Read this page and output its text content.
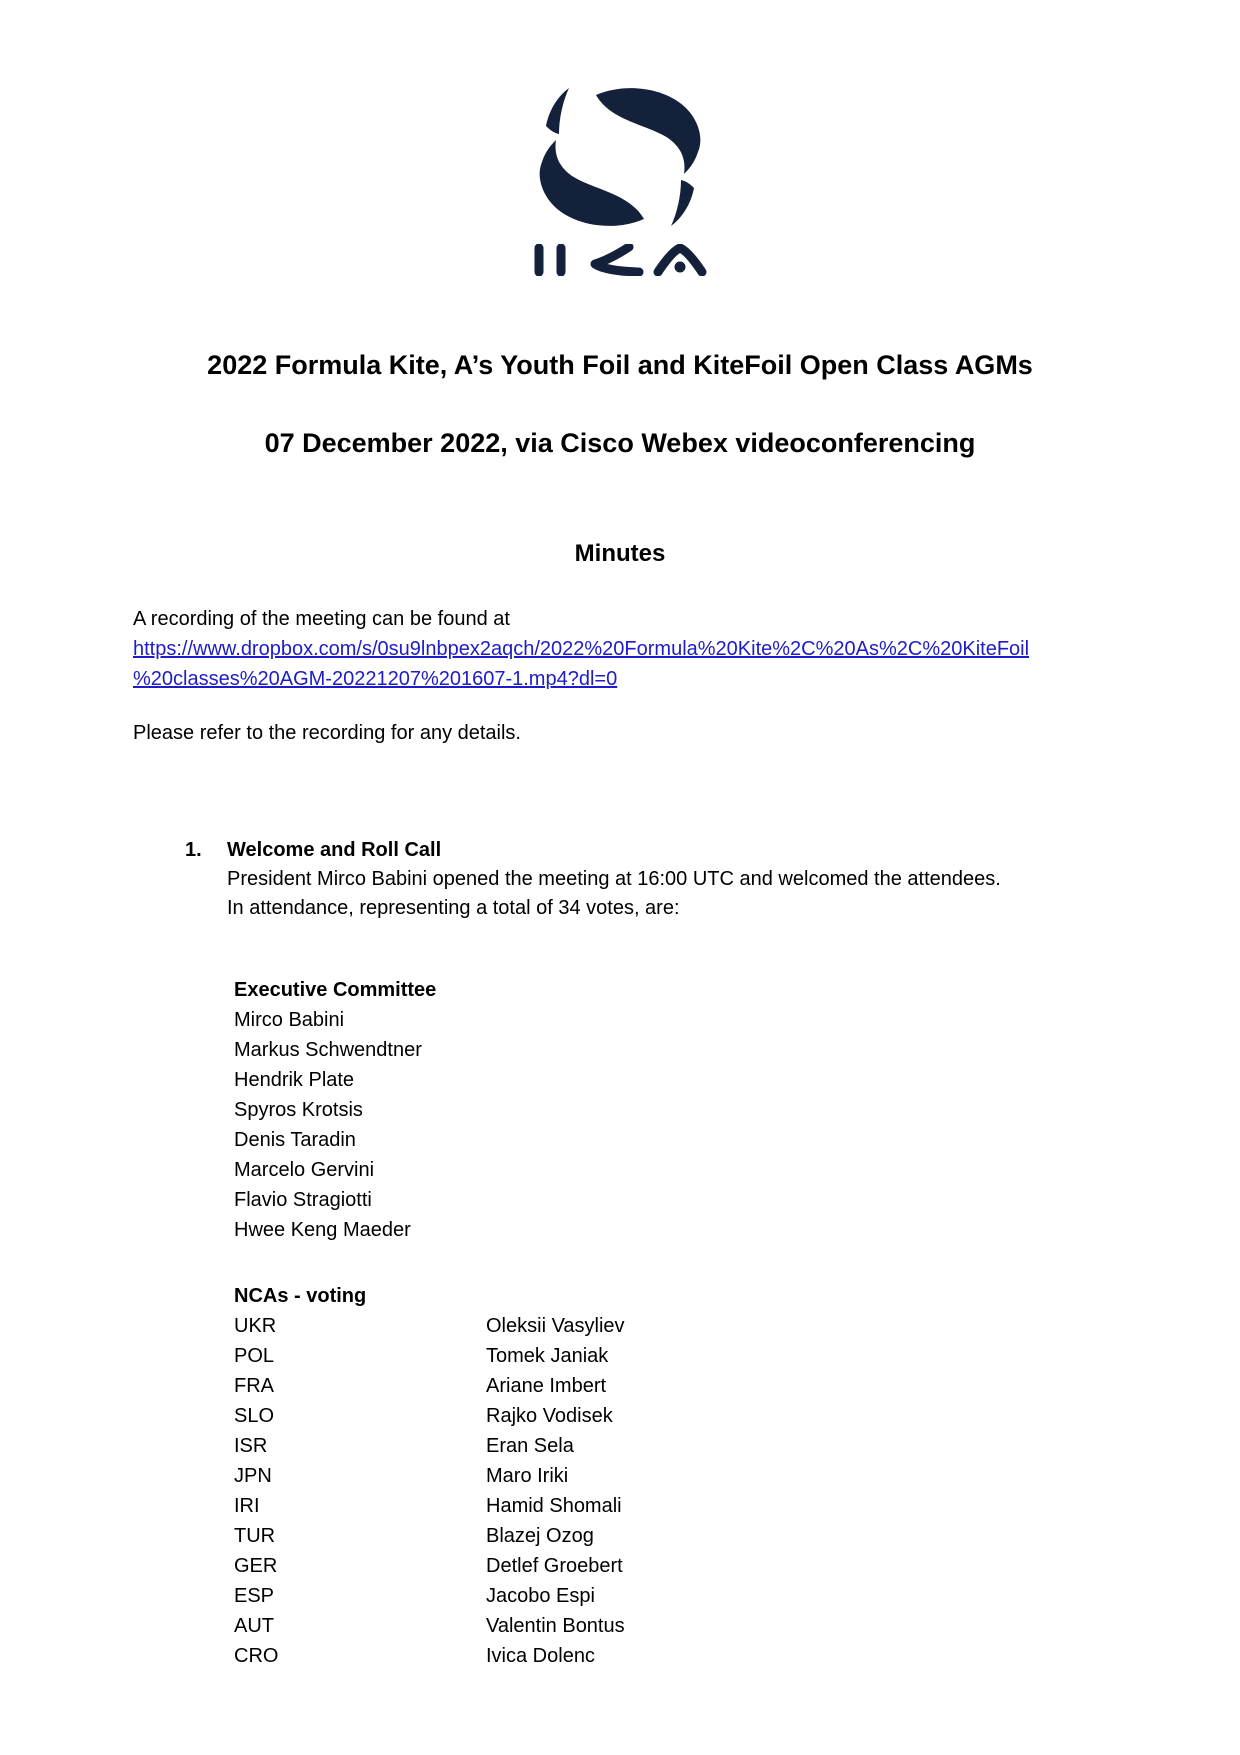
2022 Formula Kite, A’s Youth Foil and KiteFoil Open Class AGMs
07 December 2022, via Cisco Webex videoconferencing
Minutes

A recording of the meeting can be found at

https://www.dropbox.com/s/0su9lnbpex2aqch/2022%20Formula%20Kite%2C%20As%2C%20KiteFoil
%20classes%20AGM-20221207%201607-1.mp4?dl=0

Please refer to the recording for any details.

1.	Welcome and Roll Call

President Mirco Babini opened the meeting at 16:00 UTC and welcomed the attendees.

In attendance, representing a total of 34 votes, are:

Executive Committee
Mirco Babini
Markus Schwendtner
Hendrik Plate
Spyros Krotsis
Denis Taradin
Marcelo Gervini
Flavio Stragiotti
Hwee Keng Maeder
NCAs - voting
UKR	Oleksii Vasyliev
POL	Tomek Janiak
FRA	Ariane Imbert
SLO	Rajko Vodisek
ISR	Eran Sela
JPN	Maro Iriki
IRI	Hamid Shomali
TUR	Blazej Ozog
GER	Detlef Groebert
ESP	Jacobo Espi
AUT	Valentin Bontus
CRO	Ivica Dolenc
